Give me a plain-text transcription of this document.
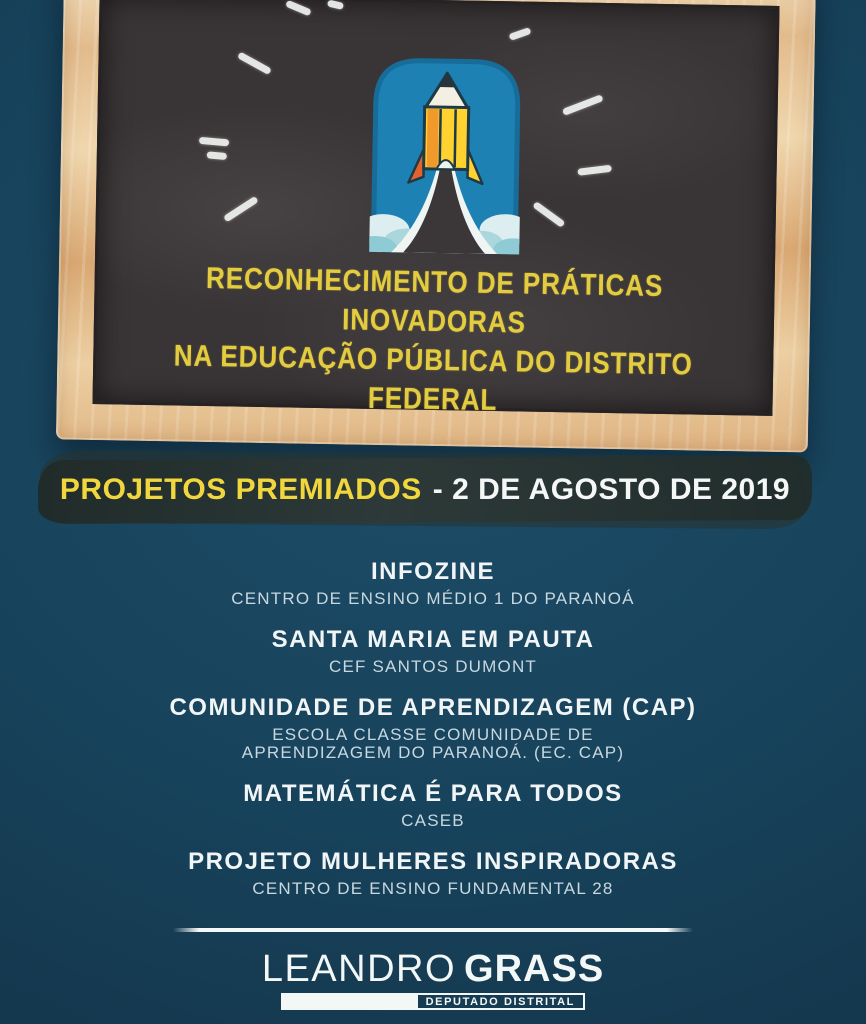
RECONHECIMENTO DE PRÁTICAS INOVADORAS
NA EDUCAÇÃO PÚBLICA DO DISTRITO FEDERAL
PROJETOS PREMIADOS - 2 DE AGOSTO DE 2019
INFOZINE
CENTRO DE ENSINO MÉDIO 1 DO PARANOÁ
SANTA MARIA EM PAUTA
CEF SANTOS DUMONT
COMUNIDADE DE APRENDIZAGEM (CAP)
ESCOLA CLASSE COMUNIDADE DE APRENDIZAGEM DO PARANOÁ. (EC. CAP)
MATEMÁTICA É PARA TODOS
CASEB
PROJETO MULHERES INSPIRADORAS
CENTRO DE ENSINO FUNDAMENTAL 28
LEANDRO GRASS
DEPUTADO DISTRITAL
